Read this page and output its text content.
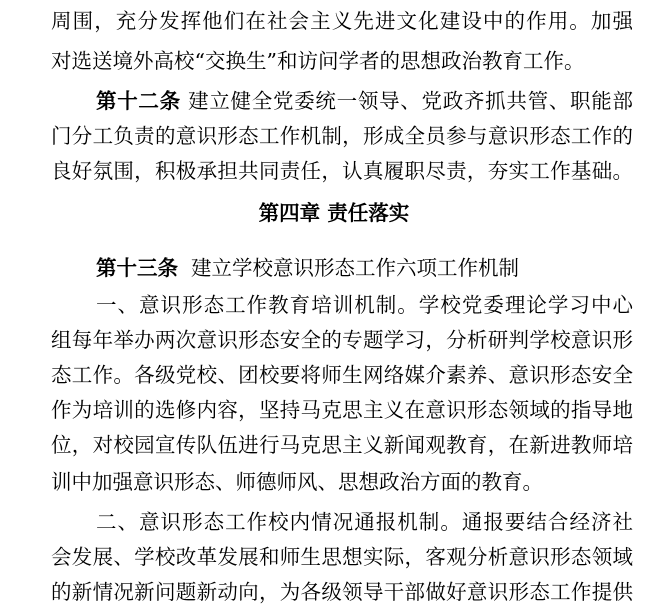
周围，充分发挥他们在社会主义先进文化建设中的作用。加强
对选送境外高校“交换生”和访问学者的思想政治教育工作。
第十二条 建立健全党委统一领导、党政齐抓共管、职能部
门分工负责的意识形态工作机制，形成全员参与意识形态工作的
良好氛围，积极承担共同责任，认真履职尽责，夯实工作基础。
第四章 责任落实
第十三条 建立学校意识形态工作六项工作机制
一、意识形态工作教育培训机制。学校党委理论学习中心
组每年举办两次意识形态安全的专题学习，分析研判学校意识形
态工作。各级党校、团校要将师生网络媒介素养、意识形态安全
作为培训的选修内容，坚持马克思主义在意识形态领域的指导地
位，对校园宣传队伍进行马克思主义新闻观教育，在新进教师培
训中加强意识形态、师德师风、思想政治方面的教育。
二、意识形态工作校内情况通报机制。通报要结合经济社
会发展、学校改革发展和师生思想实际，客观分析意识形态领域
的新情况新问题新动向，为各级领导干部做好意识形态工作提供
